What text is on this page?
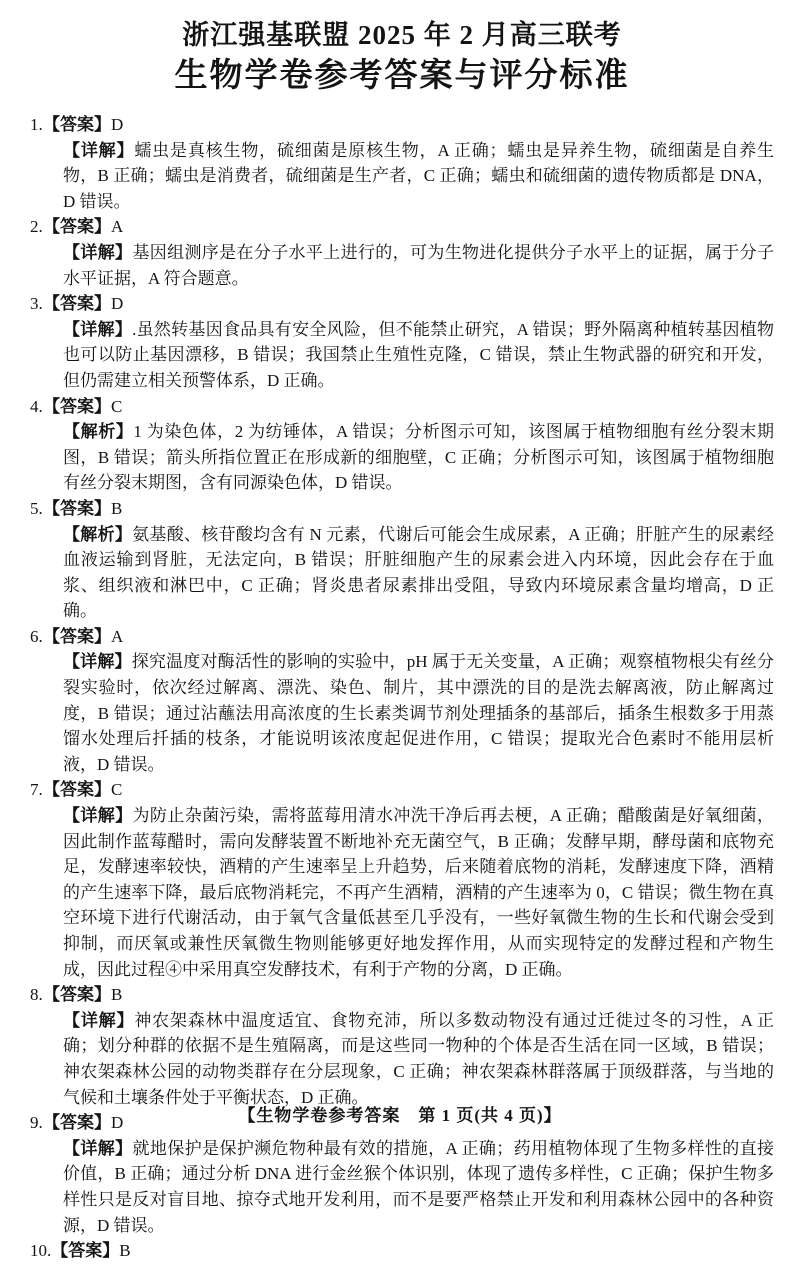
浙江强基联盟 2025 年 2 月高三联考
生物学卷参考答案与评分标准
1.【答案】D
【详解】蠕虫是真核生物，硫细菌是原核生物，A 正确；蠕虫是异养生物，硫细菌是自养生物，B 正确；蠕虫是消费者，硫细菌是生产者，C 正确；蠕虫和硫细菌的遗传物质都是 DNA，D 错误。
2.【答案】A
【详解】基因组测序是在分子水平上进行的，可为生物进化提供分子水平上的证据，属于分子水平证据，A 符合题意。
3.【答案】D
【详解】.虽然转基因食品具有安全风险，但不能禁止研究，A 错误；野外隔离种植转基因植物也可以防止基因漂移，B 错误；我国禁止生殖性克隆，C 错误，禁止生物武器的研究和开发，但仍需建立相关预警体系，D 正确。
4.【答案】C
【解析】1 为染色体，2 为纺锤体，A 错误；分析图示可知，该图属于植物细胞有丝分裂末期图，B 错误；箭头所指位置正在形成新的细胞壁，C 正确；分析图示可知，该图属于植物细胞有丝分裂末期图，含有同源染色体，D 错误。
5.【答案】B
【解析】氨基酸、核苷酸均含有 N 元素，代谢后可能会生成尿素，A 正确；肝脏产生的尿素经血液运输到肾脏，无法定向，B 错误；肝脏细胞产生的尿素会进入内环境，因此会存在于血浆、组织液和淋巴中，C 正确；肾炎患者尿素排出受阻，导致内环境尿素含量均增高，D 正确。
6.【答案】A
【详解】探究温度对酶活性的影响的实验中，pH 属于无关变量，A 正确；观察植物根尖有丝分裂实验时，依次经过解离、漂洗、染色、制片，其中漂洗的目的是洗去解离液，防止解离过度，B 错误；通过沾蘸法用高浓度的生长素类调节剂处理插条的基部后，插条生根数多于用蒸馏水处理后扦插的枝条，才能说明该浓度起促进作用，C 错误；提取光合色素时不能用层析液，D 错误。
7.【答案】C
【详解】为防止杂菌污染，需将蓝莓用清水冲洗干净后再去梗，A 正确；醋酸菌是好氧细菌，因此制作蓝莓醋时，需向发酵装置不断地补充无菌空气，B 正确；发酵早期，酵母菌和底物充足，发酵速率较快，酒精的产生速率呈上升趋势，后来随着底物的消耗，发酵速度下降，酒精的产生速率下降，最后底物消耗完，不再产生酒精，酒精的产生速率为 0，C 错误；微生物在真空环境下进行代谢活动，由于氧气含量低甚至几乎没有，一些好氧微生物的生长和代谢会受到抑制，而厌氧或兼性厌氧微生物则能够更好地发挥作用，从而实现特定的发酵过程和产物生成，因此过程④中采用真空发酵技术，有利于产物的分离，D 正确。
8.【答案】B
【详解】神农架森林中温度适宜、食物充沛，所以多数动物没有通过迁徙过冬的习性，A 正确；划分种群的依据不是生殖隔离，而是这些同一物种的个体是否生活在同一区域，B 错误；神农架森林公园的动物类群存在分层现象，C 正确；神农架森林群落属于顶级群落，与当地的气候和土壤条件处于平衡状态，D 正确。
9.【答案】D
【详解】就地保护是保护濒危物种最有效的措施，A 正确；药用植物体现了生物多样性的直接价值，B 正确；通过分析 DNA 进行金丝猴个体识别，体现了遗传多样性，C 正确；保护生物多样性只是反对盲目地、掠夺式地开发利用，而不是要严格禁止开发和利用森林公园中的各种资源，D 错误。
10.【答案】B
【生物学卷参考答案　第 1 页(共 4 页)】
